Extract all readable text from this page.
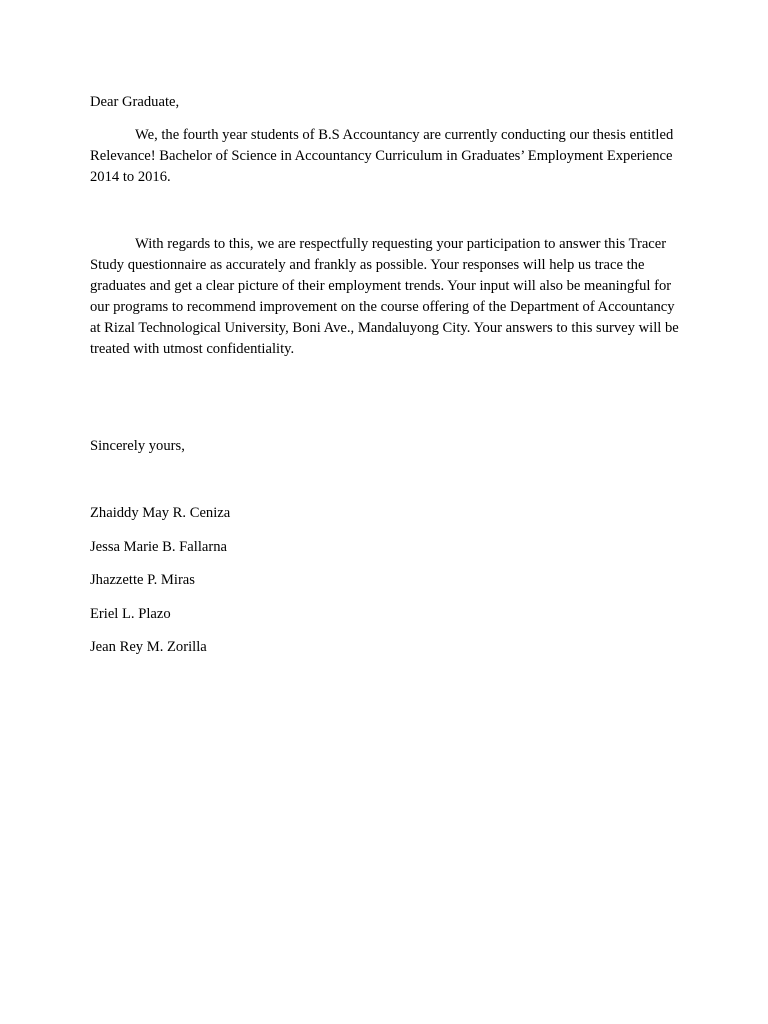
Dear Graduate,

We, the fourth year students of B.S Accountancy are currently conducting our thesis entitled Relevance! Bachelor of Science in Accountancy Curriculum in Graduates’ Employment Experience 2014 to 2016.

With regards to this, we are respectfully requesting your participation to answer this Tracer Study questionnaire as accurately and frankly as possible. Your responses will help us trace the graduates and get a clear picture of their employment trends. Your input will also be meaningful for our programs to recommend improvement on the course offering of the Department of Accountancy at Rizal Technological University, Boni Ave., Mandaluyong City. Your answers to this survey will be treated with utmost confidentiality.

Sincerely yours,

Zhaiddy May R. Ceniza
Jessa Marie B. Fallarna
Jhazzette P. Miras
Eriel L. Plazo
Jean Rey M. Zorilla
